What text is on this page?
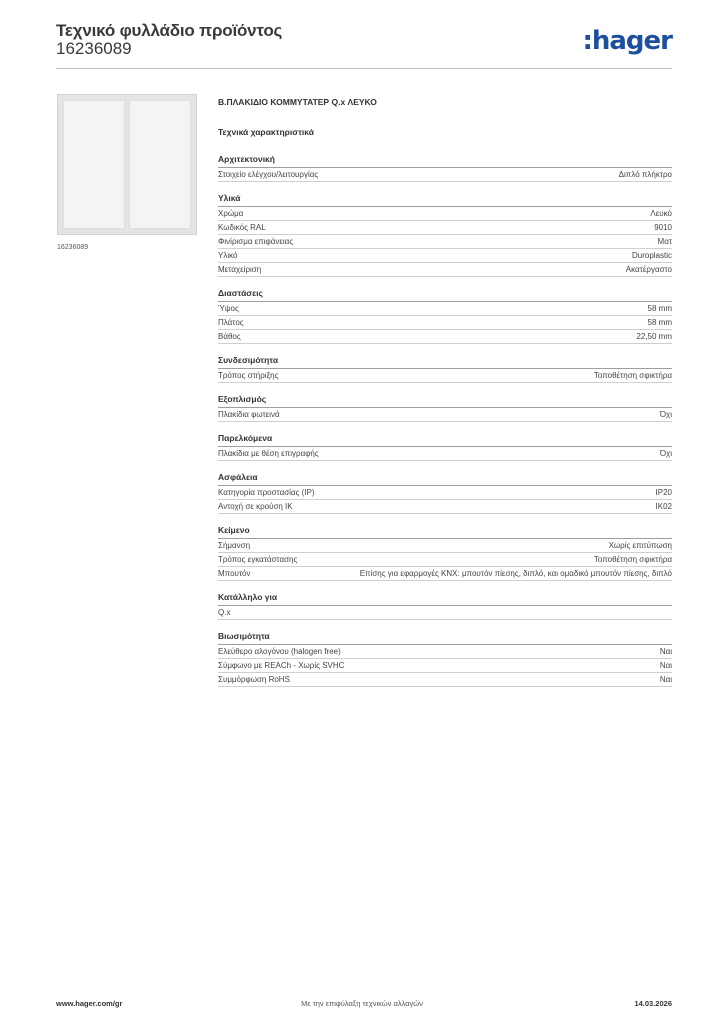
Τεχνικό φυλλάδιο προϊόντος
16236089	:hager
16236089
Β.ΠΛΑΚΙΔΙΟ ΚΟΜΜΥΤΑΤΕΡ Q.x ΛΕΥΚΟ
Τεχνικά χαρακτηριστικά
Αρχιτεκτονική
Στοιχείο ελέγχου/λειτουργίας	Διπλό πλήκτρο
Υλικά
Χρώμα	Λευκό
Κωδικός RAL	9010
Φινίρισμα επιφάνειας	Ματ
Υλικό	Duroplastic
Μεταχείριση	Ακατέργαστο
Διαστάσεις
Ύψος	58 mm
Πλάτος	58 mm
Βάθος	22,50 mm
Συνδεσιμότητα
Τρόπος στήριξης	Τοποθέτηση σφικτήρα
Εξοπλισμός
Πλακίδια φωτεινά	Όχι
Παρελκόμενα
Πλακίδια με θέση επιγραφής	Όχι
Ασφάλεια
Κατηγορία προστασίας (IP)	IP20
Αντοχή σε κρούση IK	IK02
Κείμενο
Σήμανση	Χωρίς επιτύπωση
Τρόπος εγκατάστασης	Τοποθέτηση σφικτήρα
Μπουτόν	Επίσης για εφαρμογές KNX: μπουτόν πίεσης, διπλό, και ομαδικό μπουτόν πίεσης, διπλό
Κατάλληλο για
Q.x
Βιωσιμότητα
Ελεύθερο αλογόνου (halogen free)	Ναι
Σύμφωνο με REACh - Χωρίς SVHC	Ναι
Συμμόρφωση RoHS	Ναι
www.hager.com/gr	Με την επιφύλαξη τεχνικών αλλαγών	14.03.2026
